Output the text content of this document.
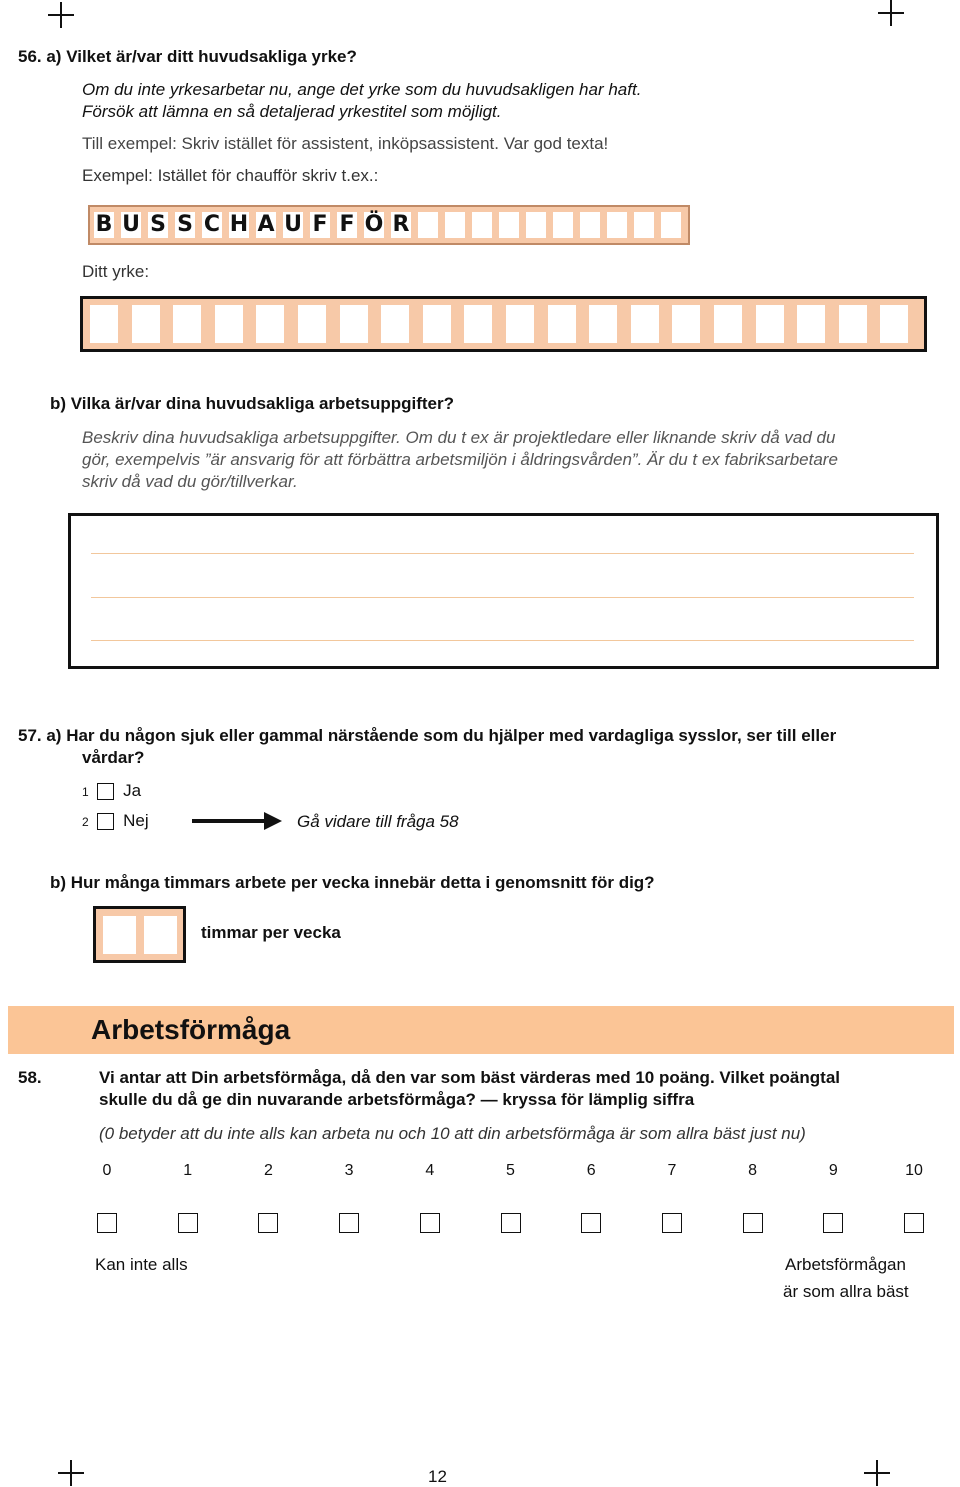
56. a) Vilket är/var ditt huvudsakliga yrke?
Om du inte yrkesarbetar nu, ange det yrke som du huvudsakligen har haft.
Försök att lämna en så detaljerad yrkestitel som möjligt.
Till exempel: Skriv istället för assistent, inköpsassistent. Var god texta!
Exempel: Istället för chaufför skriv t.ex.:
B U S S C H A U F F Ö R
Ditt yrke:
b) Vilka är/var dina huvudsakliga arbetsuppgifter?
Beskriv dina huvudsakliga arbetsuppgifter. Om du t ex är projektledare eller liknande skriv då vad du
gör, exempelvis ”är ansvarig för att förbättra arbetsmiljön i åldringsvården”. Är du t ex fabriksarbetare
skriv då vad du gör/tillverkar.
57. a) Har du någon sjuk eller gammal närstående som du hjälper med vardagliga sysslor, ser till eller
vårdar?
1 Ja
2 Nej	Gå vidare till fråga 58
b) Hur många timmars arbete per vecka innebär detta i genomsnitt för dig?
timmar per vecka
Arbetsförmåga
58.	Vi antar att Din arbetsförmåga, då den var som bäst värderas med 10 poäng. Vilket poängtal
skulle du då ge din nuvarande arbetsförmåga? — kryssa för lämplig siffra
(0 betyder att du inte alls kan arbeta nu och 10 att din arbetsförmåga är som allra bäst just nu)
0	1	2	3	4	5	6	7	8	9	10
Kan inte alls	Arbetsförmågan
är som allra bäst
12
